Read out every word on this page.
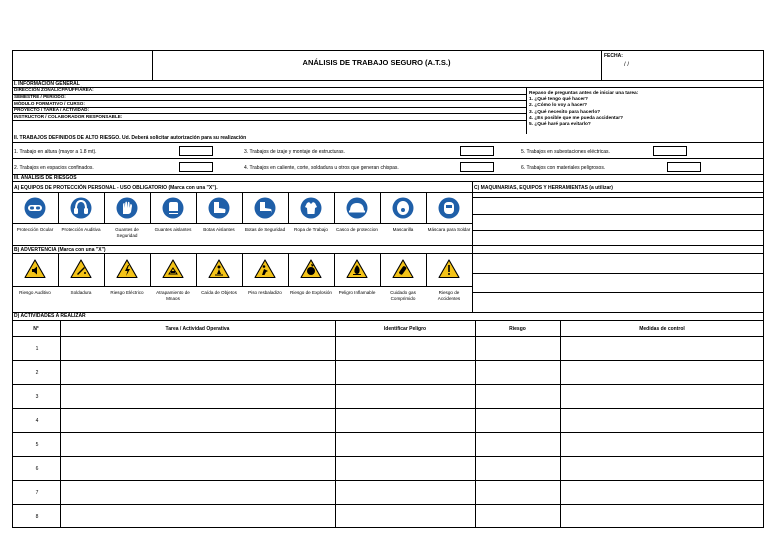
ANÁLISIS DE TRABAJO SEGURO (A.T.S.)
FECHA:
/ /
I. INFORMACIÓN GENERAL
DIRECCIÓN ZONAL/CFP/UFP/ÁREA:
SEMESTRE / PERIODO:
MÓDULO FORMATIVO / CURSO:
PROYECTO / TAREA / ACTIVIDAD:
INSTRUCTOR / COLABORADOR RESPONSABLE:
Repaso de preguntas antes de iniciar una tarea:
1. ¿Qué tengo qué hacer?
2. ¿Cómo lo voy a hacer?
3. ¿Qué necesito para hacerlo?
4. ¿Es posible que me pueda accidentar?
5. ¿Qué haré para evitarlo?
II. TRABAJOS DEFINIDOS DE ALTO RIESGO. Ud. Deberá solicitar autorización para su realización
1. Trabajo en altura (mayor a 1.8 mt).	3. Trabajos de izaje y montaje de estructuras.	5. Trabajos en subestaciones eléctricas.
2. Trabajos en espacios confinados.	4. Trabajos en caliente, corte, soldadura u otros que generan chispas.	6. Trabajos con materiales peligrosos.
III. ANALISIS DE RIESGOS
A) EQUIPOS DE PROTECCIÓN PERSONAL - USO OBLIGATORIO (Marca con una "X").	C) MAQUINARIAS, EQUIPOS Y HERRAMIENTAS (a utilizar)
B) ADVERTENCIA (Marca con una "X")
Protección Ocular	Protección Auditiva	Guantes de Seguridad
Guantes aislantes	Botas Aislantes	Botas de Seguridad	Ropa de Trabajo	Casco de proteccion	Mascarilla	Máscara para Soldar
Riesgo Auditivo	Soldadura	Riesgo Eléctrico	Atrapamiento de Mnaos
Caída de Objetos	Piso resbaladizo	Riesgo de Explosión	Peligro Inflamable	Cuidado gas Comprimido
Riesgo de Accidentes
D) ACTIVIDADES A REALIZAR
N°	Tarea / Actividad Operativa	Identificar Peligro	Riesgo	Medidas de control
1
2
3
4
5
6
7
8
